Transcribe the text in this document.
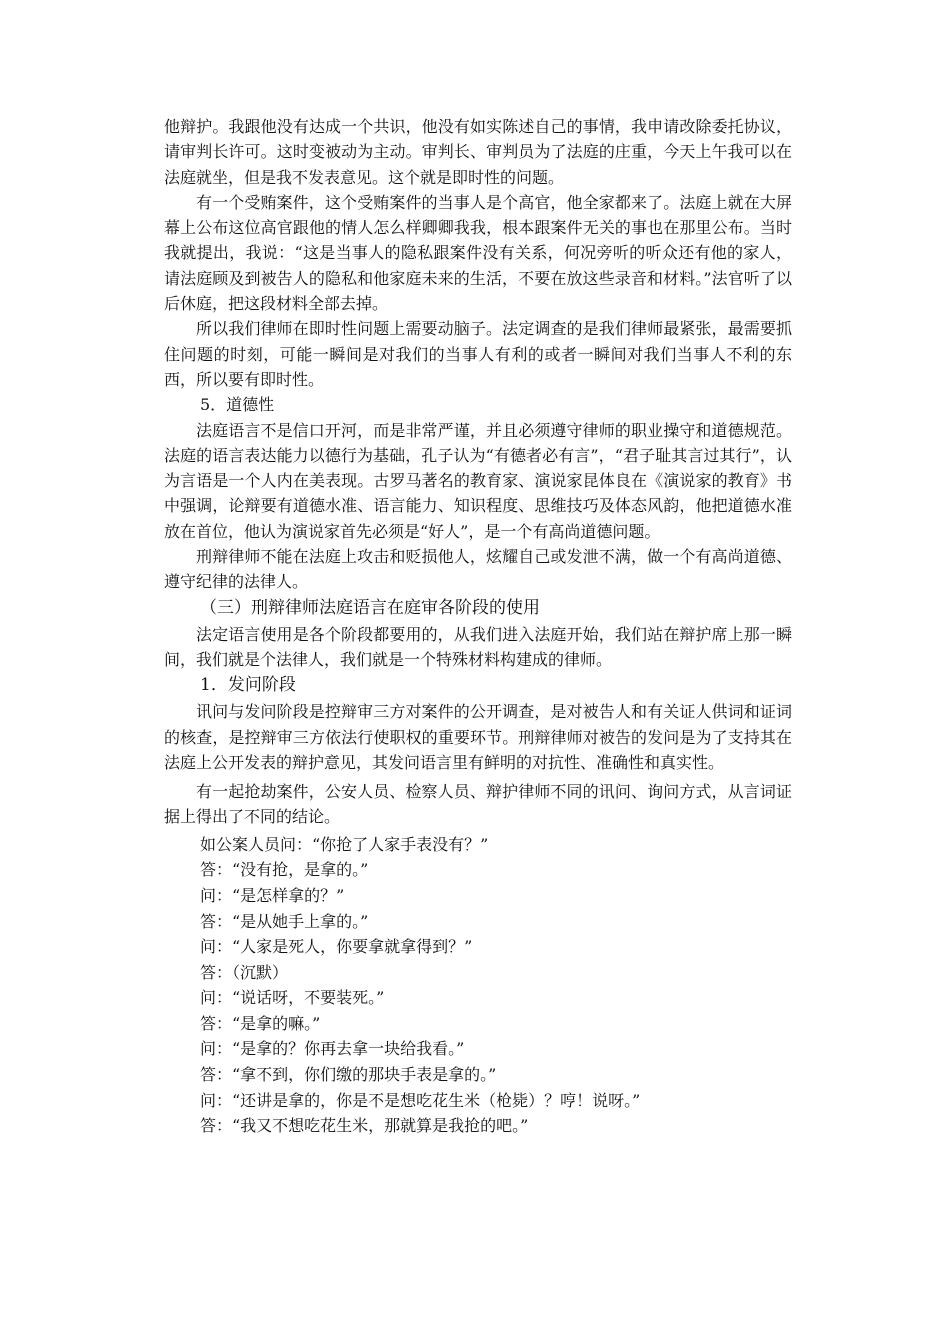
他辩护。我跟他没有达成一个共识，他没有如实陈述自己的事情，我申请改除委托协议，请审判长许可。这时变被动为主动。审判长、审判员为了法庭的庄重，今天上午我可以在法庭就坐，但是我不发表意见。这个就是即时性的问题。

有一个受贿案件，这个受贿案件的当事人是个高官，他全家都来了。法庭上就在大屏幕上公布这位高官跟他的情人怎么样卿卿我我，根本跟案件无关的事也在那里公布。当时我就提出，我说：“这是当事人的隐私跟案件没有关系，何况旁听的听众还有他的家人，请法庭顾及到被告人的隐私和他家庭未来的生活，不要在放这些录音和材料。”法官听了以后休庭，把这段材料全部去掉。

所以我们律师在即时性问题上需要动脑子。法定调查的是我们律师最紧张，最需要抓住问题的时刻，可能一瞬间是对我们的当事人有利的或者一瞬间对我们当事人不利的东西，所以要有即时性。

5．道德性

法庭语言不是信口开河，而是非常严谨，并且必须遵守律师的职业操守和道德规范。法庭的语言表达能力以德行为基础，孔子认为“有德者必有言”，“君子耻其言过其行”，认为言语是一个人内在美表现。古罗马著名的教育家、演说家昆体良在《演说家的教育》书中强调，论辩要有道德水准、语言能力、知识程度、思维技巧及体态风韵，他把道德水准放在首位，他认为演说家首先必须是“好人”，是一个有高尚道德问题。

刑辩律师不能在法庭上攻击和贬损他人，炫耀自己或发泄不满，做一个有高尚道德、遵守纪律的法律人。

（三）刑辩律师法庭语言在庭审各阶段的使用

法定语言使用是各个阶段都要用的，从我们进入法庭开始，我们站在辩护席上那一瞬间，我们就是个法律人，我们就是一个特殊材料构建成的律师。

1．发问阶段

讯问与发问阶段是控辩审三方对案件的公开调查，是对被告人和有关证人供词和证词的核查，是控辩审三方依法行使职权的重要环节。刑辩律师对被告的发问是为了支持其在法庭上公开发表的辩护意见，其发问语言里有鲜明的对抗性、准确性和真实性。

有一起抢劫案件，公安人员、检察人员、辩护律师不同的讯问、询问方式，从言词证据上得出了不同的结论。

如公案人员问：“你抢了人家手表没有？”

答：“没有抢，是拿的。”

问：“是怎样拿的？”

答：“是从她手上拿的。”

问：“人家是死人，你要拿就拿得到？”

答：（沉默）

问：“说话呀，不要装死。”

答：“是拿的嘛。”

问：“是拿的？你再去拿一块给我看。”

答：“拿不到，你们缴的那块手表是拿的。”

问：“还讲是拿的，你是不是想吃花生米（枪毙）？哼！说呀。”

答：“我又不想吃花生米，那就算是我抢的吧。”
